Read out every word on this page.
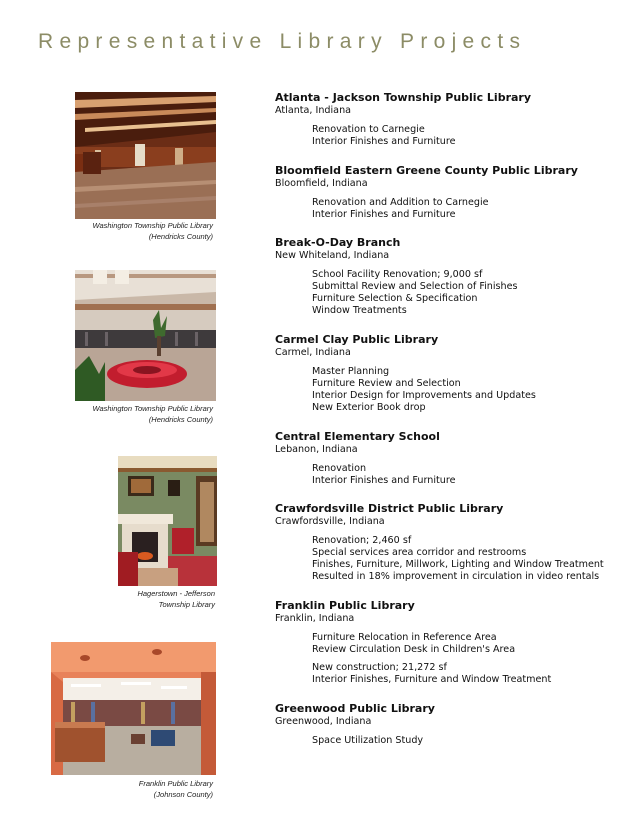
Representative Library Projects
Washington Township Public Library
(Hendricks County)
Washington Township Public Library
(Hendricks County)
Hagerstown - Jefferson
Township Library
Franklin Public Library
(Johnson County)
Atlanta - Jackson Township Public Library
Atlanta, Indiana
Renovation to Carnegie
Interior Finishes and Furniture
Bloomfield Eastern Greene County Public Library
Bloomfield, Indiana
Renovation and Addition to Carnegie
Interior Finishes and Furniture
Break-O-Day Branch
New Whiteland, Indiana
School Facility Renovation; 9,000 sf
Submittal Review and Selection of Finishes
Furniture Selection & Specification
Window Treatments
Carmel Clay Public Library
Carmel, Indiana
Master Planning
Furniture Review and Selection
Interior Design for Improvements and Updates
New Exterior Book drop
Central Elementary School
Lebanon, Indiana
Renovation
Interior Finishes and Furniture
Crawfordsville District Public Library
Crawfordsville, Indiana
Renovation; 2,460 sf
Special services area corridor and restrooms
Finishes, Furniture, Millwork, Lighting and Window Treatment
Resulted in 18% improvement in circulation in video rentals
Franklin Public Library
Franklin, Indiana
Furniture Relocation in Reference Area
Review Circulation Desk in Children's Area
New construction; 21,272 sf
Interior Finishes, Furniture and Window Treatment
Greenwood Public Library
Greenwood, Indiana
Space Utilization Study
